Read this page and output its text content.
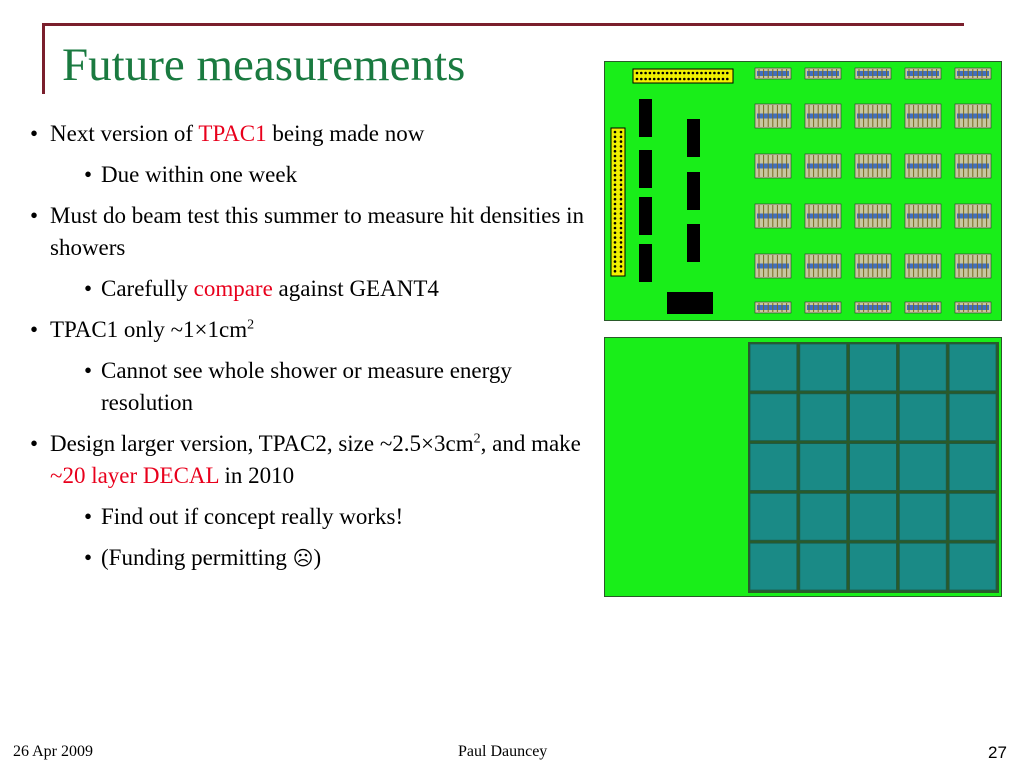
Future measurements
• Next version of TPAC1 being made now
• Due within one week
• Must do beam test this summer to measure hit densities in showers
• Carefully compare against GEANT4
• TPAC1 only $\sim 1\times 1cm^2$
• Cannot see whole shower or measure energy resolution
• Design larger version, TPAC2, size $\sim 2.5\times 3cm^2$, and make ~20 layer DECAL in 2010
• Find out if concept really works!
• (Funding permitting ☹)
26 Apr 2009	Paul Dauncey	27
